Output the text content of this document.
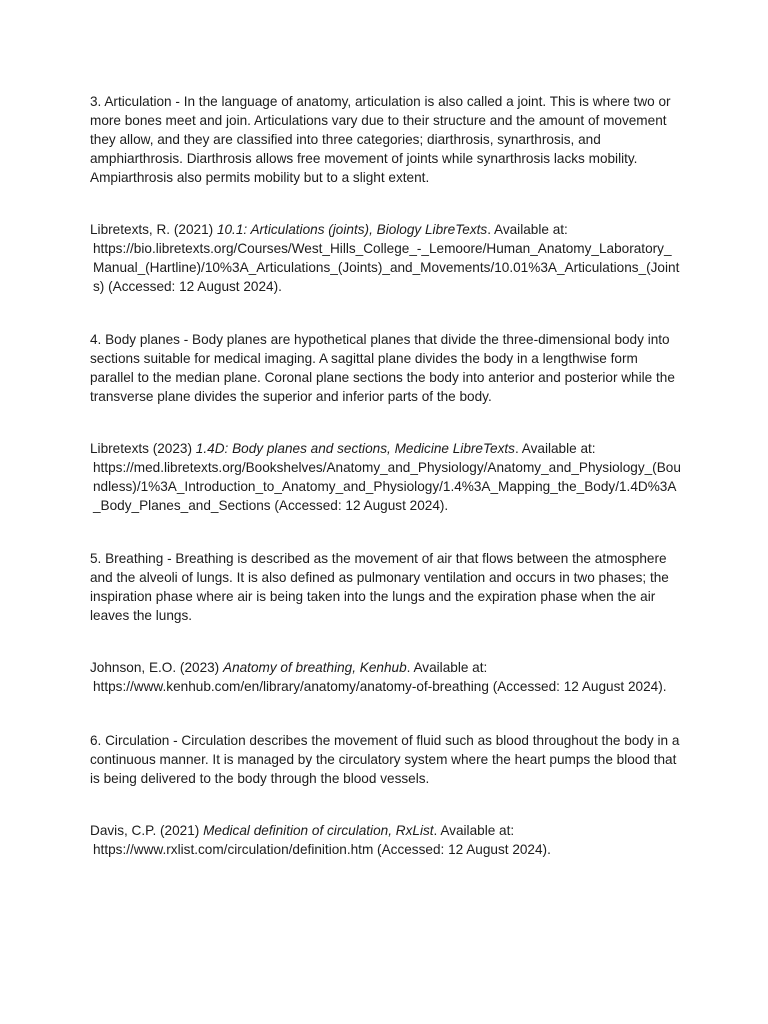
3. Articulation - In the language of anatomy, articulation is also called a joint. This is where two or more bones meet and join. Articulations vary due to their structure and the amount of movement they allow, and they are classified into three categories; diarthrosis, synarthrosis, and amphiarthrosis. Diarthrosis allows free movement of joints while synarthrosis lacks mobility. Ampiarthrosis also permits mobility but to a slight extent.

Libretexts, R. (2021) 10.1: Articulations (joints), Biology LibreTexts. Available at:
https://bio.libretexts.org/Courses/West_Hills_College_-_Lemoore/Human_Anatomy_Laboratory_Manual_(Hartline)/10%3A_Articulations_(Joints)_and_Movements/10.01%3A_Articulations_(Joints) (Accessed: 12 August 2024).

4. Body planes - Body planes are hypothetical planes that divide the three-dimensional body into sections suitable for medical imaging. A sagittal plane divides the body in a lengthwise form parallel to the median plane. Coronal plane sections the body into anterior and posterior while the transverse plane divides the superior and inferior parts of the body.

Libretexts (2023) 1.4D: Body planes and sections, Medicine LibreTexts. Available at:
https://med.libretexts.org/Bookshelves/Anatomy_and_Physiology/Anatomy_and_Physiology_(Boundless)/1%3A_Introduction_to_Anatomy_and_Physiology/1.4%3A_Mapping_the_Body/1.4D%3A_Body_Planes_and_Sections (Accessed: 12 August 2024).

5. Breathing - Breathing is described as the movement of air that flows between the atmosphere and the alveoli of lungs. It is also defined as pulmonary ventilation and occurs in two phases; the inspiration phase where air is being taken into the lungs and the expiration phase when the air leaves the lungs.

Johnson, E.O. (2023) Anatomy of breathing, Kenhub. Available at:
https://www.kenhub.com/en/library/anatomy/anatomy-of-breathing (Accessed: 12 August 2024).

6. Circulation - Circulation describes the movement of fluid such as blood throughout the body in a continuous manner. It is managed by the circulatory system where the heart pumps the blood that is being delivered to the body through the blood vessels.

Davis, C.P. (2021) Medical definition of circulation, RxList. Available at:
https://www.rxlist.com/circulation/definition.htm (Accessed: 12 August 2024).
